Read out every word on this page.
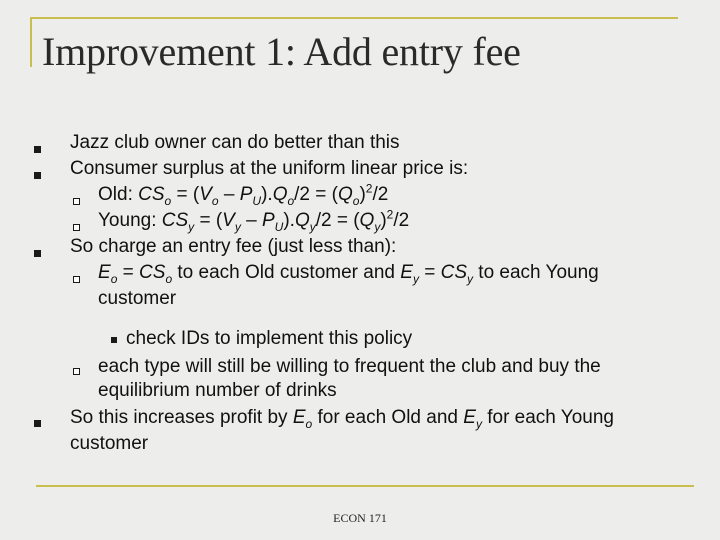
Improvement 1: Add entry fee
Jazz club owner can do better than this
Consumer surplus at the uniform linear price is:
Old: $CS_o = (V_o - P_U).Q_o/2 = (Q_o)^2/2$
Young: $CS_y = (V_y - P_U).Q_y/2 = (Q_y)^2/2$
So charge an entry fee (just less than):
$E_o = CS_o$ to each Old customer and $E_y = CS_y$ to each Young
customer
check IDs to implement this policy
each type will still be willing to frequent the club and buy the
equilibrium number of drinks
So this increases profit by $E_o$ for each Old and $E_y$ for each Young
customer
ECON 171
